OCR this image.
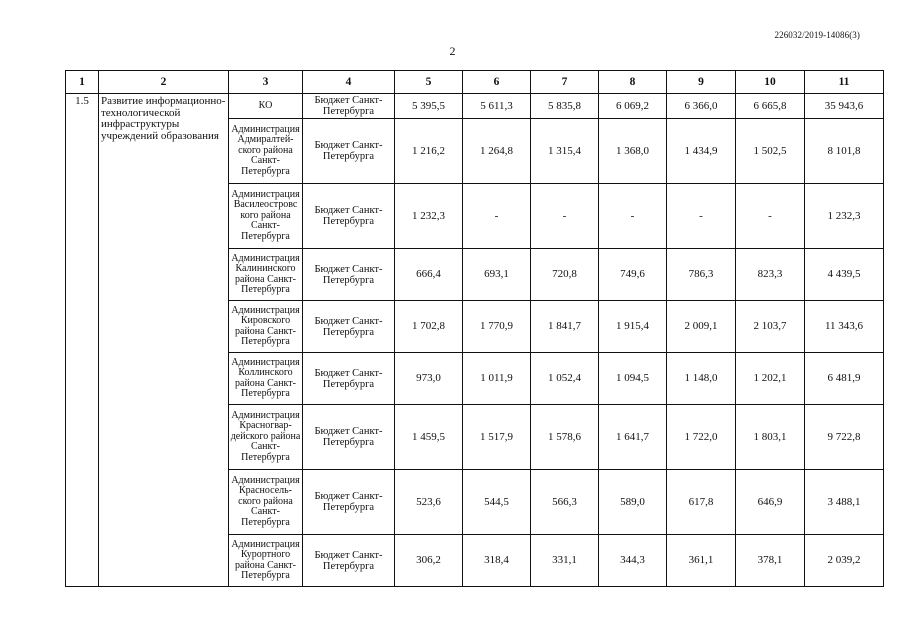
226032/2019-14086(3)
2
1	2	3	4	5	6	7	8	9	10	11
1.5	Развитие информационно-технологической инфраструктуры учреждений образования	КО	Бюджет Санкт-Петербурга	5 395,5	5 611,3	5 835,8	6 069,2	6 366,0	6 665,8	35 943,6
		Администрация Адмиралтей-ского района Санкт-Петербурга	Бюджет Санкт-Петербурга	1 216,2	1 264,8	1 315,4	1 368,0	1 434,9	1 502,5	8 101,8
		Администрация Василеостровс кого района Санкт-Петербурга	Бюджет Санкт-Петербурга	1 232,3	-	-	-	-	-	1 232,3
		Администрация Калининского района Санкт-Петербурга	Бюджет Санкт-Петербурга	666,4	693,1	720,8	749,6	786,3	823,3	4 439,5
		Администрация Кировского района Санкт-Петербурга	Бюджет Санкт-Петербурга	1 702,8	1 770,9	1 841,7	1 915,4	2 009,1	2 103,7	11 343,6
		Администрация Коллинского района Санкт-Петербурга	Бюджет Санкт-Петербурга	973,0	1 011,9	1 052,4	1 094,5	1 148,0	1 202,1	6 481,9
		Администрация Красногвар-дейского района Санкт-Петербурга	Бюджет Санкт-Петербурга	1 459,5	1 517,9	1 578,6	1 641,7	1 722,0	1 803,1	9 722,8
		Администрация Красносель-ского района Санкт-Петербурга	Бюджет Санкт-Петербурга	523,6	544,5	566,3	589,0	617,8	646,9	3 488,1
		Администрация Курортного района Санкт-Петербурга	Бюджет Санкт-Петербурга	306,2	318,4	331,1	344,3	361,1	378,1	2 039,2
